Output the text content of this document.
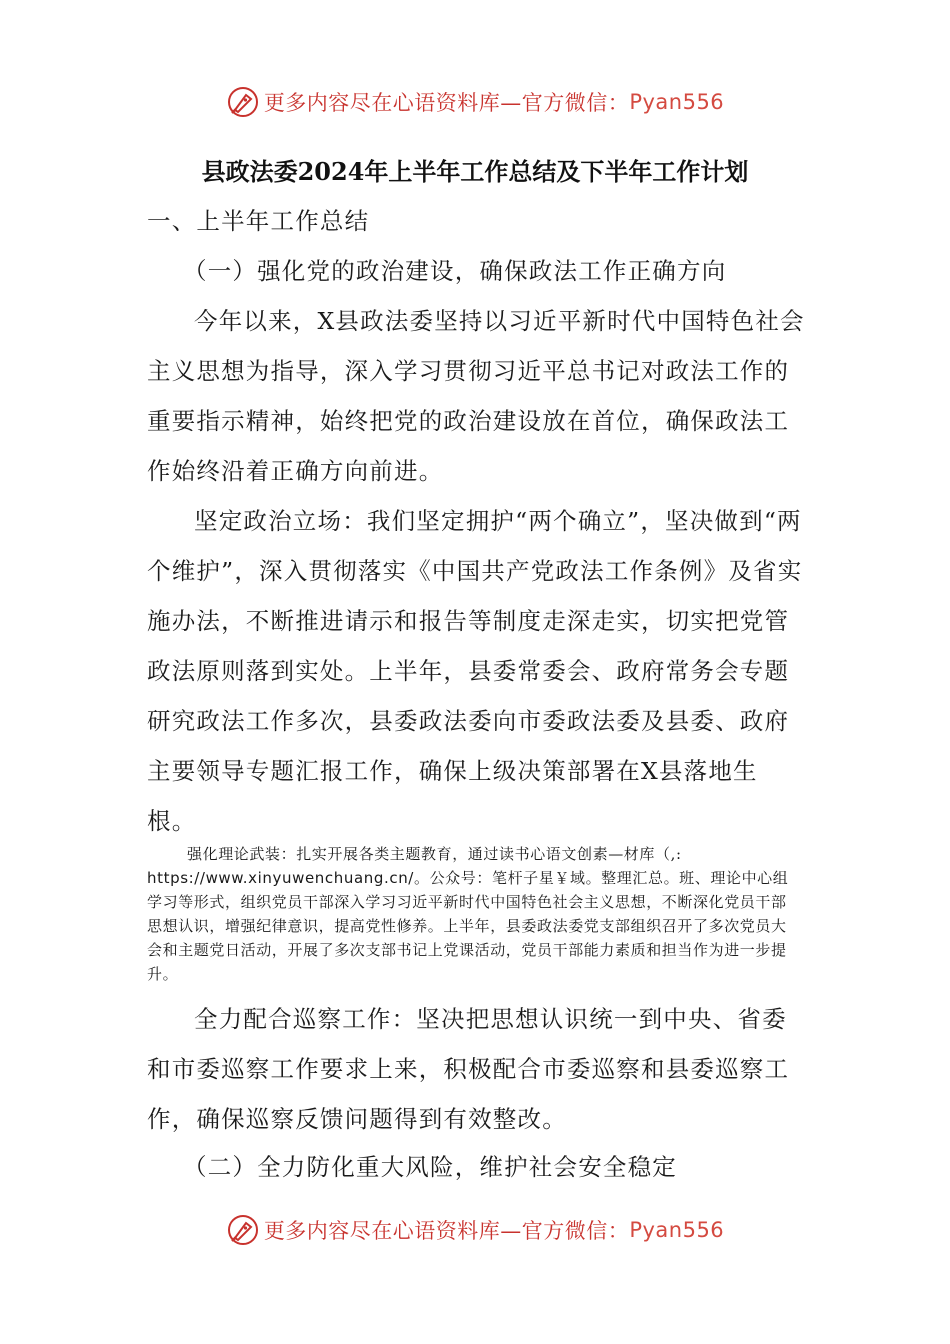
更多内容尽在心语资料库—官方微信： Pyan556
县政法委2024年上半年工作总结及下半年工作计划

一、上半年工作总结

（一）强化党的政治建设，确保政法工作正确方向

今年以来，X县政法委坚持以习近平新时代中国特色社会主义思想为指导，深入学习贯彻习近平总书记对政法工作的重要指示精神，始终把党的政治建设放在首位，确保政法工作始终沿着正确方向前进。

坚定政治立场：我们坚定拥护“两个确立”，坚决做到“两个维护”，深入贯彻落实《中国共产党政法工作条例》及省实施办法，不断推进请示和报告等制度走深走实，切实把党管政法原则落到实处。上半年，县委常委会、政府常务会专题研究政法工作多次，县委政法委向市委政法委及县委、政府主要领导专题汇报工作，确保上级决策部署在X县落地生根。

强化理论武装：扎实开展各类主题教育，通过读书心语文创素—材库（,:
https://www.xinyuwenchuang.cn/。公众号：笔杆子星￥域。整理汇总。班、理论中心组学习等形式，组织党员干部深入学习习近平新时代中国特色社会主义思想，不断深化党员干部思想认识，增强纪律意识，提高党性修养。上半年，县委政法委党支部组织召开了多次党员大会和主题党日活动，开展了多次支部书记上党课活动，党员干部能力素质和担当作为进一步提升。

全力配合巡察工作：坚决把思想认识统一到中央、省委和市委巡察工作要求上来，积极配合市委巡察和县委巡察工作，确保巡察反馈问题得到有效整改。

（二）全力防化重大风险，维护社会安全稳定

更多内容尽在心语资料库—官方微信： Pyan556
